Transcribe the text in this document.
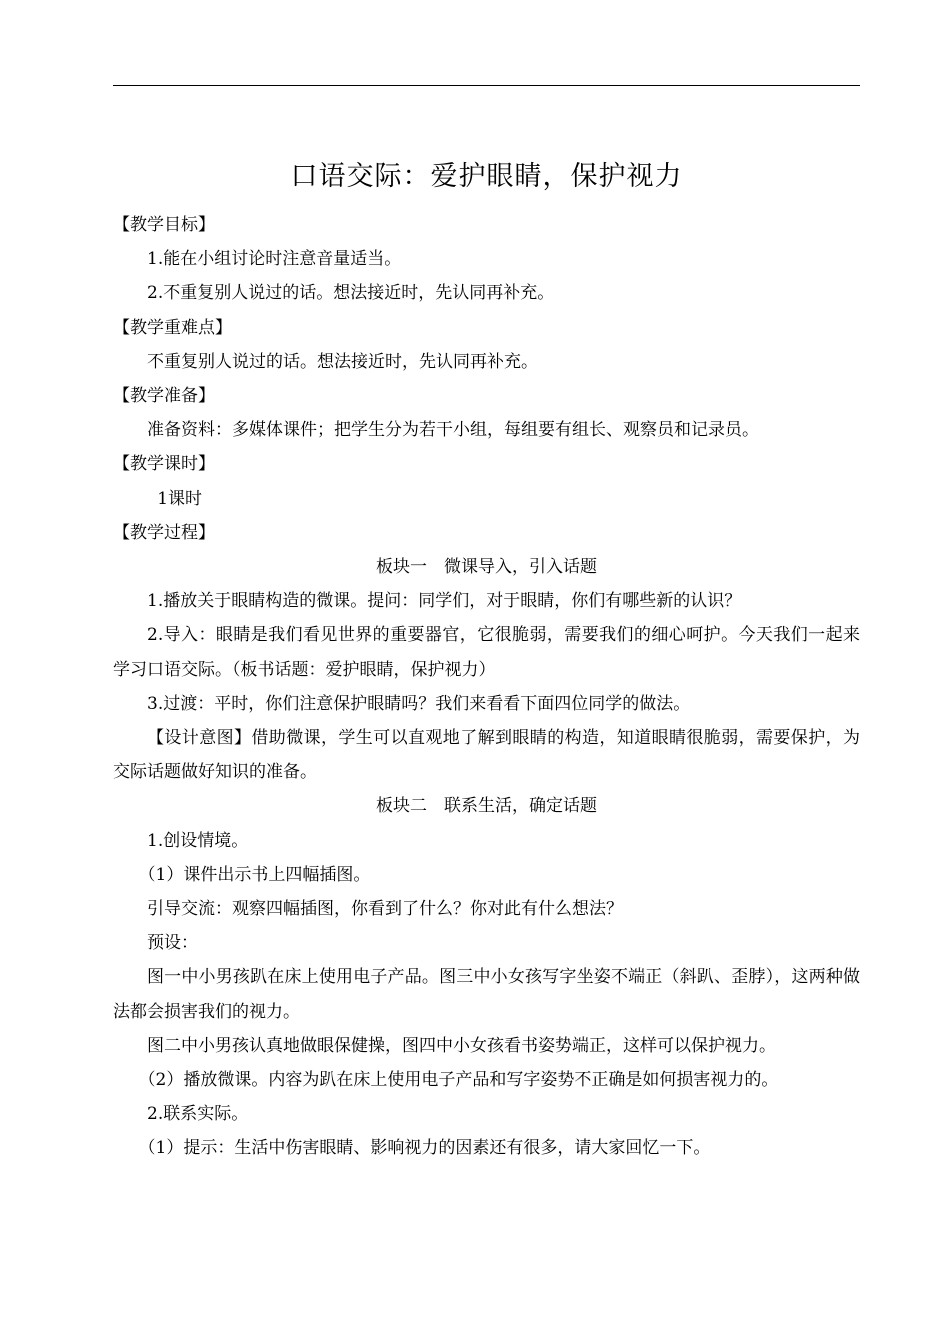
口语交际：爱护眼睛，保护视力

【教学目标】

1.能在小组讨论时注意音量适当。

2.不重复别人说过的话。想法接近时，先认同再补充。

【教学重难点】

不重复别人说过的话。想法接近时，先认同再补充。

【教学准备】

准备资料：多媒体课件；把学生分为若干小组，每组要有组长、观察员和记录员。

【教学课时】

1课时

【教学过程】

板块一　微课导入，引入话题

1.播放关于眼睛构造的微课。提问：同学们，对于眼睛，你们有哪些新的认识？

2.导入：眼睛是我们看见世界的重要器官，它很脆弱，需要我们的细心呵护。今天我们一起来学习口语交际。（板书话题：爱护眼睛，保护视力）

3.过渡：平时，你们注意保护眼睛吗？我们来看看下面四位同学的做法。

【设计意图】借助微课，学生可以直观地了解到眼睛的构造，知道眼睛很脆弱，需要保护，为交际话题做好知识的准备。

板块二　联系生活，确定话题

1.创设情境。

（1）课件出示书上四幅插图。

引导交流：观察四幅插图，你看到了什么？你对此有什么想法？

预设：

图一中小男孩趴在床上使用电子产品。图三中小女孩写字坐姿不端正（斜趴、歪脖），这两种做法都会损害我们的视力。

图二中小男孩认真地做眼保健操，图四中小女孩看书姿势端正，这样可以保护视力。

（2）播放微课。内容为趴在床上使用电子产品和写字姿势不正确是如何损害视力的。

2.联系实际。

（1）提示：生活中伤害眼睛、影响视力的因素还有很多，请大家回忆一下。
